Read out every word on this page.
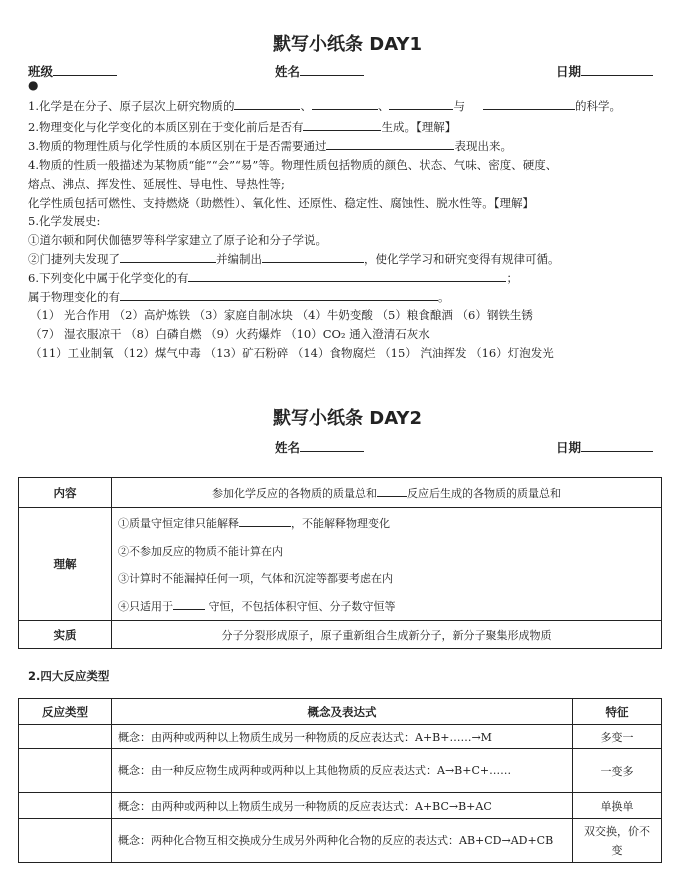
默写小纸条 DAY1
班级	姓名	日期
●
1.化学是在分子、原子层次上研究物质的	、	、	与	的科学。
2.物理变化与化学变化的本质区别在于变化前后是否有	生成。【理解】
3.物质的物理性质与化学性质的本质区别在于是否需要通过	表现出来。
4.物质的性质一般描述为某物质“能”“会”“易”等。物理性质包括物质的颜色、状态、气味、密度、硬度、
熔点、沸点、挥发性、延展性、导电性、导热性等;
化学性质包括可燃性、支持燃烧（助燃性）、氧化性、还原性、稳定性、腐蚀性、脱水性等。【理解】
5.化学发展史:
①道尔顿和阿伏伽德罗等科学家建立了原子论和分子学说。
②门捷列夫发现了	并编制出	，使化学学习和研究变得有规律可循。
6.下列变化中属于化学变化的有	；
属于物理变化的有	。
（1） 光合作用 （2）高炉炼铁 （3）家庭自制冰块 （4）牛奶变酸 （5）粮食酿酒 （6）钢铁生锈
（7） 湿衣服凉干 （8）白磷自燃 （9）火药爆炸 （10）CO₂ 通入澄清石灰水
（11）工业制氧 （12）煤气中毒 （13）矿石粉碎 （14）食物腐烂 （15） 汽油挥发 （16）灯泡发光
默写小纸条 DAY2
姓名	日期
内容	参加化学反应的各物质的质量总和 反应后生成的各物质的质量总和
理解	①质量守恒定律只能解释 ，不能解释物理变化
②不参加反应的物质不能计算在内
③计算时不能漏掉任何一项，气体和沉淀等都要考虑在内
④只适用于 守恒，不包括体积守恒、分子数守恒等

实质	分子分裂形成原子，原子重新组合生成新分子，新分子聚集形成物质
2.四大反应类型
反应类型	概念及表达式	特征
	概念：由两种或两种以上物质生成另一种物质的反应表达式：A+B+……→M	多变一
	概念：由一种反应物生成两种或两种以上其他物质的反应表达式：A→B+C+……	一变多
	概念：由两种或两种以上物质生成另一种物质的反应表达式：A+BC→B+AC	单换单
	概念：两种化合物互相交换成分生成另外两种化合物的反应的表达式：AB+CD→AD+CB	双交换，价不变
